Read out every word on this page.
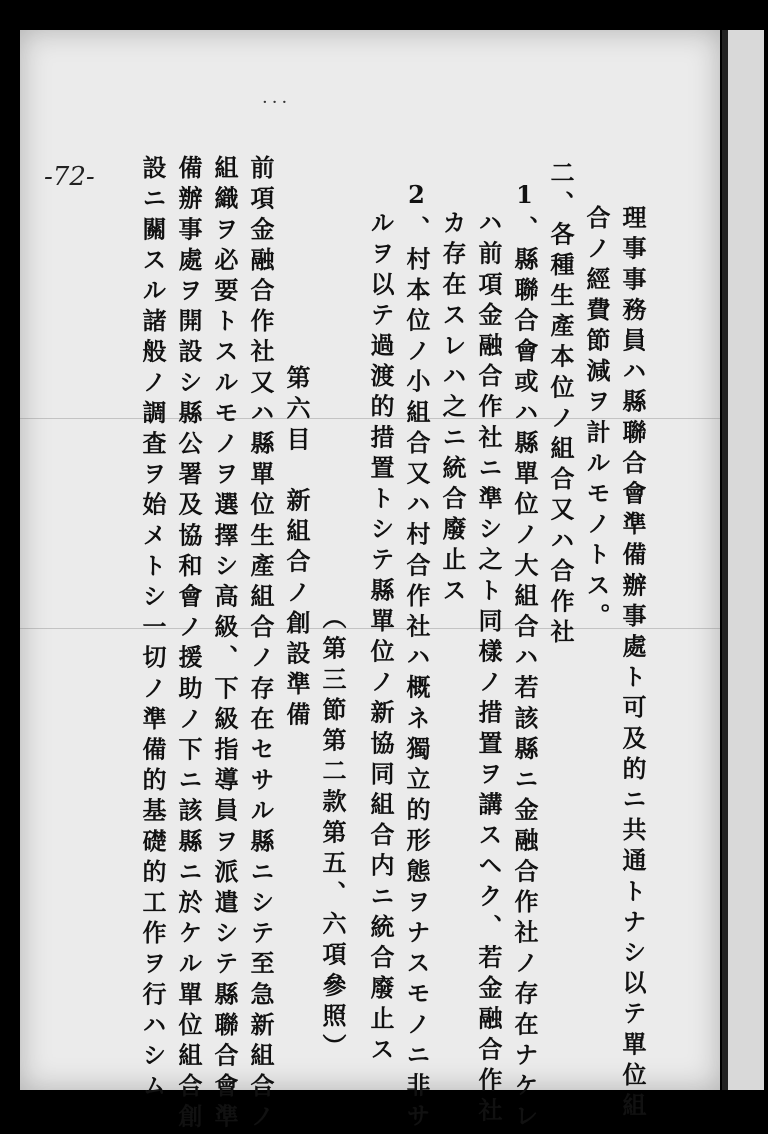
···
-72-
理事事務員ハ縣聯合會準備辦事處ト可及的ニ共通トナシ以テ單位組
合ノ經費節減ヲ計ルモノトス。
二、各種生產本位ノ組合又ハ合作社
1、縣聯合會或ハ縣單位ノ大組合ハ若該縣ニ金融合作社ノ存在ナケレ
ハ前項金融合作社ニ準シ之ト同樣ノ措置ヲ講スヘク、若金融合作社
カ存在スレハ之ニ統合廢止ス
2、村本位ノ小組合又ハ村合作社ハ概ネ獨立的形態ヲナスモノニ非サ
ルヲ以テ過渡的措置トシテ縣單位ノ新協同組合内ニ統合廢止ス
（第三節第二款第五、六項參照）
第六目　新組合ノ創設準備
前項金融合作社又ハ縣單位生產組合ノ存在セサル縣ニシテ至急新組合ノ
組織ヲ必要トスルモノヲ選擇シ高級、下級指導員ヲ派遣シテ縣聯合會準
備辦事處ヲ開設シ縣公署及協和會ノ援助ノ下ニ該縣ニ於ケル單位組合創
設ニ關スル諸般ノ調査ヲ始メトシ一切ノ準備的基礎的工作ヲ行ハシム
